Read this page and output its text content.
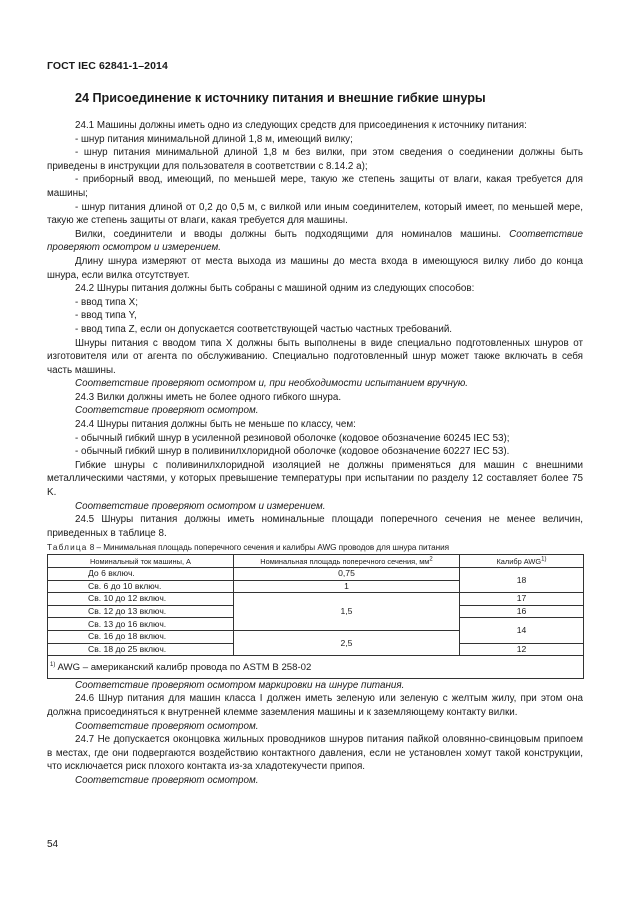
ГОСТ IEC 62841-1–2014
24 Присоединение к источнику питания и внешние гибкие шнуры

24.1 Машины должны иметь одно из следующих средств для присоединения к источнику питания:

- шнур питания минимальной длиной 1,8 м, имеющий вилку;

- шнур питания минимальной длиной 1,8 м без вилки, при этом сведения о соединении должны быть приведены в инструкции для пользователя в соответствии с 8.14.2 а);

- приборный ввод, имеющий, по меньшей мере, такую же степень защиты от влаги, какая требуется для машины;

- шнур питания длиной от 0,2 до 0,5 м, с вилкой или иным соединителем, который имеет, по меньшей мере, такую же степень защиты от влаги, какая требуется для машины.

Вилки, соединители и вводы должны быть подходящими для номиналов машины. Соответствие проверяют осмотром и измерением.

Длину шнура измеряют от места выхода из машины до места входа в имеющуюся вилку либо до конца шнура, если вилка отсутствует.

24.2 Шнуры питания должны быть собраны с машиной одним из следующих способов:

- ввод типа X;

- ввод типа Y,

- ввод типа Z, если он допускается соответствующей частью частных требований.

Шнуры питания с вводом типа X должны быть выполнены в виде специально подготовленных шнуров от изготовителя или от агента по обслуживанию. Специально подготовленный шнур может также включать в себя часть машины.

Соответствие проверяют осмотром и, при необходимости испытанием вручную.

24.3 Вилки должны иметь не более одного гибкого шнура.

Соответствие проверяют осмотром.

24.4 Шнуры питания должны быть не меньше по классу, чем:

- обычный гибкий шнур в усиленной резиновой оболочке (кодовое обозначение 60245 IEC 53);

- обычный гибкий шнур в поливинилхлоридной оболочке (кодовое обозначение 60227 IEC 53).

Гибкие шнуры с поливинилхлоридной изоляцией не должны применяться для машин с внешними металлическими частями, у которых превышение температуры при испытании по разделу 12 составляет более 75 K.

Соответствие проверяют осмотром и измерением.

24.5 Шнуры питания должны иметь номинальные площади поперечного сечения не менее величин, приведенных в таблице 8.

Таблица 8 – Минимальная площадь поперечного сечения и калибры AWG проводов для шнура питания
Номинальный ток машины, А	Номинальная площадь поперечного сечения, $мм^2$	Калибр AWG$^{1)}$
До 6 включ.	0,75	18
Св. 6 до 10 включ.	1	
Св. 10 до 12 включ.	1,5	17
Св. 12 до 13 включ.		16
Св. 13 до 16 включ.		14
Св. 16 до 18 включ.	2,5	
Св. 18 до 25 включ.		12
$^{1)}$ AWG – американский калибр провода по ASTM B 258-02		

Соответствие проверяют осмотром маркировки на шнуре питания.

24.6 Шнур питания для машин класса I должен иметь зеленую или зеленую с желтым жилу, при этом она должна присоединяться к внутренней клемме заземления машины и к заземляющему контакту вилки.

Соответствие проверяют осмотром.

24.7 Не допускается оконцовка жильных проводников шнуров питания пайкой оловянно-свинцовым припоем в местах, где они подвергаются воздействию контактного давления, если не установлен хомут такой конструкции, что исключается риск плохого контакта из-за хладотекучести припоя.

Соответствие проверяют осмотром.

54
